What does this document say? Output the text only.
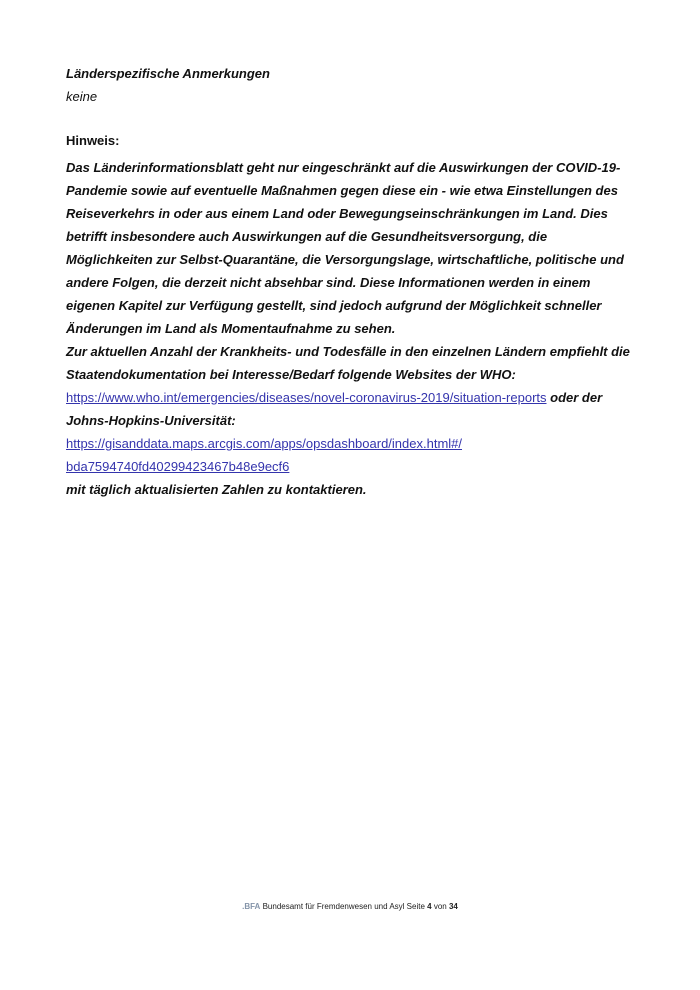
Länderspezifische Anmerkungen
keine
Hinweis:
Das Länderinformationsblatt geht nur eingeschränkt auf die Auswirkungen der COVID-19-
Pandemie sowie auf eventuelle Maßnahmen gegen diese ein - wie etwa Einstellungen des
Reiseverkehrs in oder aus einem Land oder Bewegungseinschränkungen im Land. Dies
betrifft insbesondere auch Auswirkungen auf die Gesundheitsversorgung, die
Möglichkeiten zur Selbst-Quarantäne, die Versorgungslage, wirtschaftliche, politische und
andere Folgen, die derzeit nicht absehbar sind. Diese Informationen werden in einem
eigenen Kapitel zur Verfügung gestellt, sind jedoch aufgrund der Möglichkeit schneller
Änderungen im Land als Momentaufnahme zu sehen.
Zur aktuellen Anzahl der Krankheits- und Todesfälle in den einzelnen Ländern empfiehlt die
Staatendokumentation bei Interesse/Bedarf folgende Websites der WHO:
https://www.who.int/emergencies/diseases/novel-coronavirus-2019/situation-reports oder der
Johns-Hopkins-Universität:
https://gisanddata.maps.arcgis.com/apps/opsdashboard/index.html#/
bda7594740fd40299423467b48e9ecf6
mit täglich aktualisierten Zahlen zu kontaktieren.
.BFA Bundesamt für Fremdenwesen und Asyl Seite 4 von 34
